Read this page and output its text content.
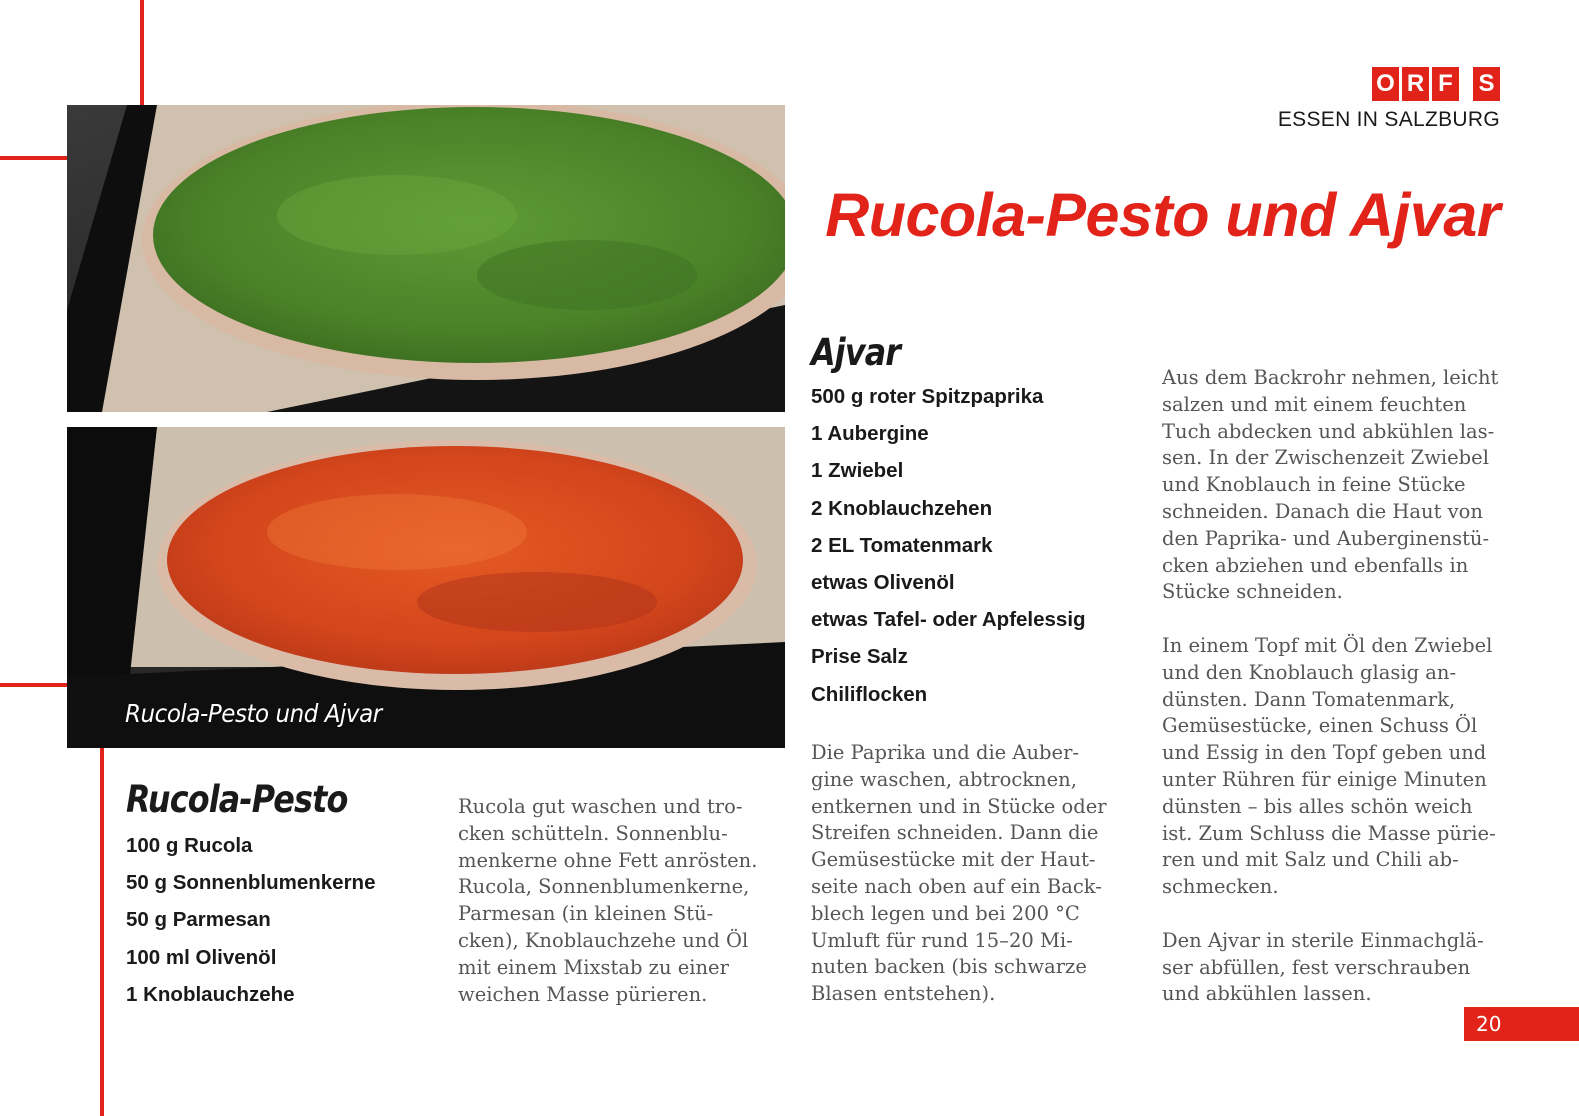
Rucola-Pesto und Ajvar
O R F S
ESSEN IN SALZBURG
Rucola-Pesto und Ajvar
Rucola-Pesto
100 g Rucola
50 g Sonnenblumenkerne
50 g Parmesan
100 ml Olivenöl
1 Knoblauchzehe

Rucola gut waschen und tro-
cken schütteln. Sonnenblu-
menkerne ohne Fett anrösten.
Rucola, Sonnenblumenkerne,
Parmesan (in kleinen Stü-
cken), Knoblauchzehe und Öl
mit einem Mixstab zu einer
weichen Masse pürieren.

Ajvar
500 g roter Spitzpaprika
1 Aubergine
1 Zwiebel
2 Knoblauchzehen
2 EL Tomatenmark
etwas Olivenöl
etwas Tafel- oder Apfelessig
Prise Salz
Chiliflocken

Die Paprika und die Auber-
gine waschen, abtrocknen,
entkernen und in Stücke oder
Streifen schneiden. Dann die
Gemüsestücke mit der Haut-
seite nach oben auf ein Back-
blech legen und bei 200 °C
Umluft für rund 15–20 Mi-
nuten backen (bis schwarze
Blasen entstehen).

Aus dem Backrohr nehmen, leicht
salzen und mit einem feuchten
Tuch abdecken und abkühlen las-
sen. In der Zwischenzeit Zwiebel
und Knoblauch in feine Stücke
schneiden. Danach die Haut von
den Paprika- und Auberginenstü-
cken abziehen und ebenfalls in
Stücke schneiden.

In einem Topf mit Öl den Zwiebel
und den Knoblauch glasig an-
dünsten. Dann Tomatenmark,
Gemüsestücke, einen Schuss Öl
und Essig in den Topf geben und
unter Rühren für einige Minuten
dünsten – bis alles schön weich
ist. Zum Schluss die Masse pürie-
ren und mit Salz und Chili ab-
schmecken.

Den Ajvar in sterile Einmachglä-
ser abfüllen, fest verschrauben
und abkühlen lassen.

20
